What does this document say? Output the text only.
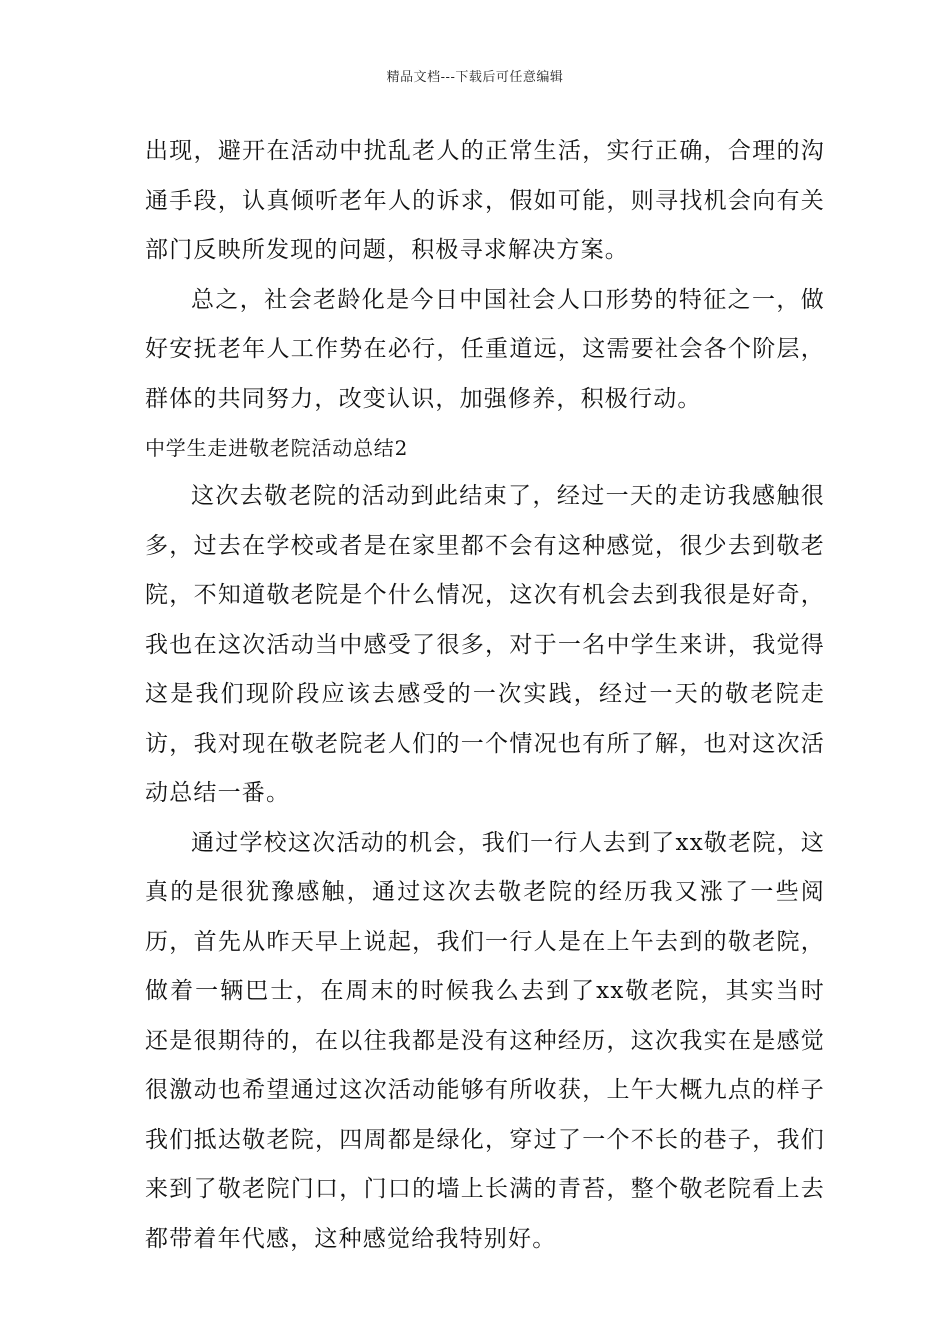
精品文档---下载后可任意编辑

出现，避开在活动中扰乱老人的正常生活，实行正确，合理的沟通手段，认真倾听老年人的诉求，假如可能，则寻找机会向有关部门反映所发现的问题，积极寻求解决方案。

总之，社会老龄化是今日中国社会人口形势的特征之一，做好安抚老年人工作势在必行，任重道远，这需要社会各个阶层，群体的共同努力，改变认识，加强修养，积极行动。

中学生走进敬老院活动总结2

这次去敬老院的活动到此结束了，经过一天的走访我感触很多，过去在学校或者是在家里都不会有这种感觉，很少去到敬老院，不知道敬老院是个什么情况，这次有机会去到我很是好奇，我也在这次活动当中感受了很多，对于一名中学生来讲，我觉得这是我们现阶段应该去感受的一次实践，经过一天的敬老院走访，我对现在敬老院老人们的一个情况也有所了解，也对这次活动总结一番。

通过学校这次活动的机会，我们一行人去到了xx敬老院，这真的是很犹豫感触，通过这次去敬老院的经历我又涨了一些阅历，首先从昨天早上说起，我们一行人是在上午去到的敬老院，做着一辆巴士，在周末的时候我么去到了xx敬老院，其实当时还是很期待的，在以往我都是没有这种经历，这次我实在是感觉很激动也希望通过这次活动能够有所收获，上午大概九点的样子我们抵达敬老院，四周都是绿化，穿过了一个不长的巷子，我们来到了敬老院门口，门口的墙上长满的青苔，整个敬老院看上去都带着年代感，这种感觉给我特别好。
